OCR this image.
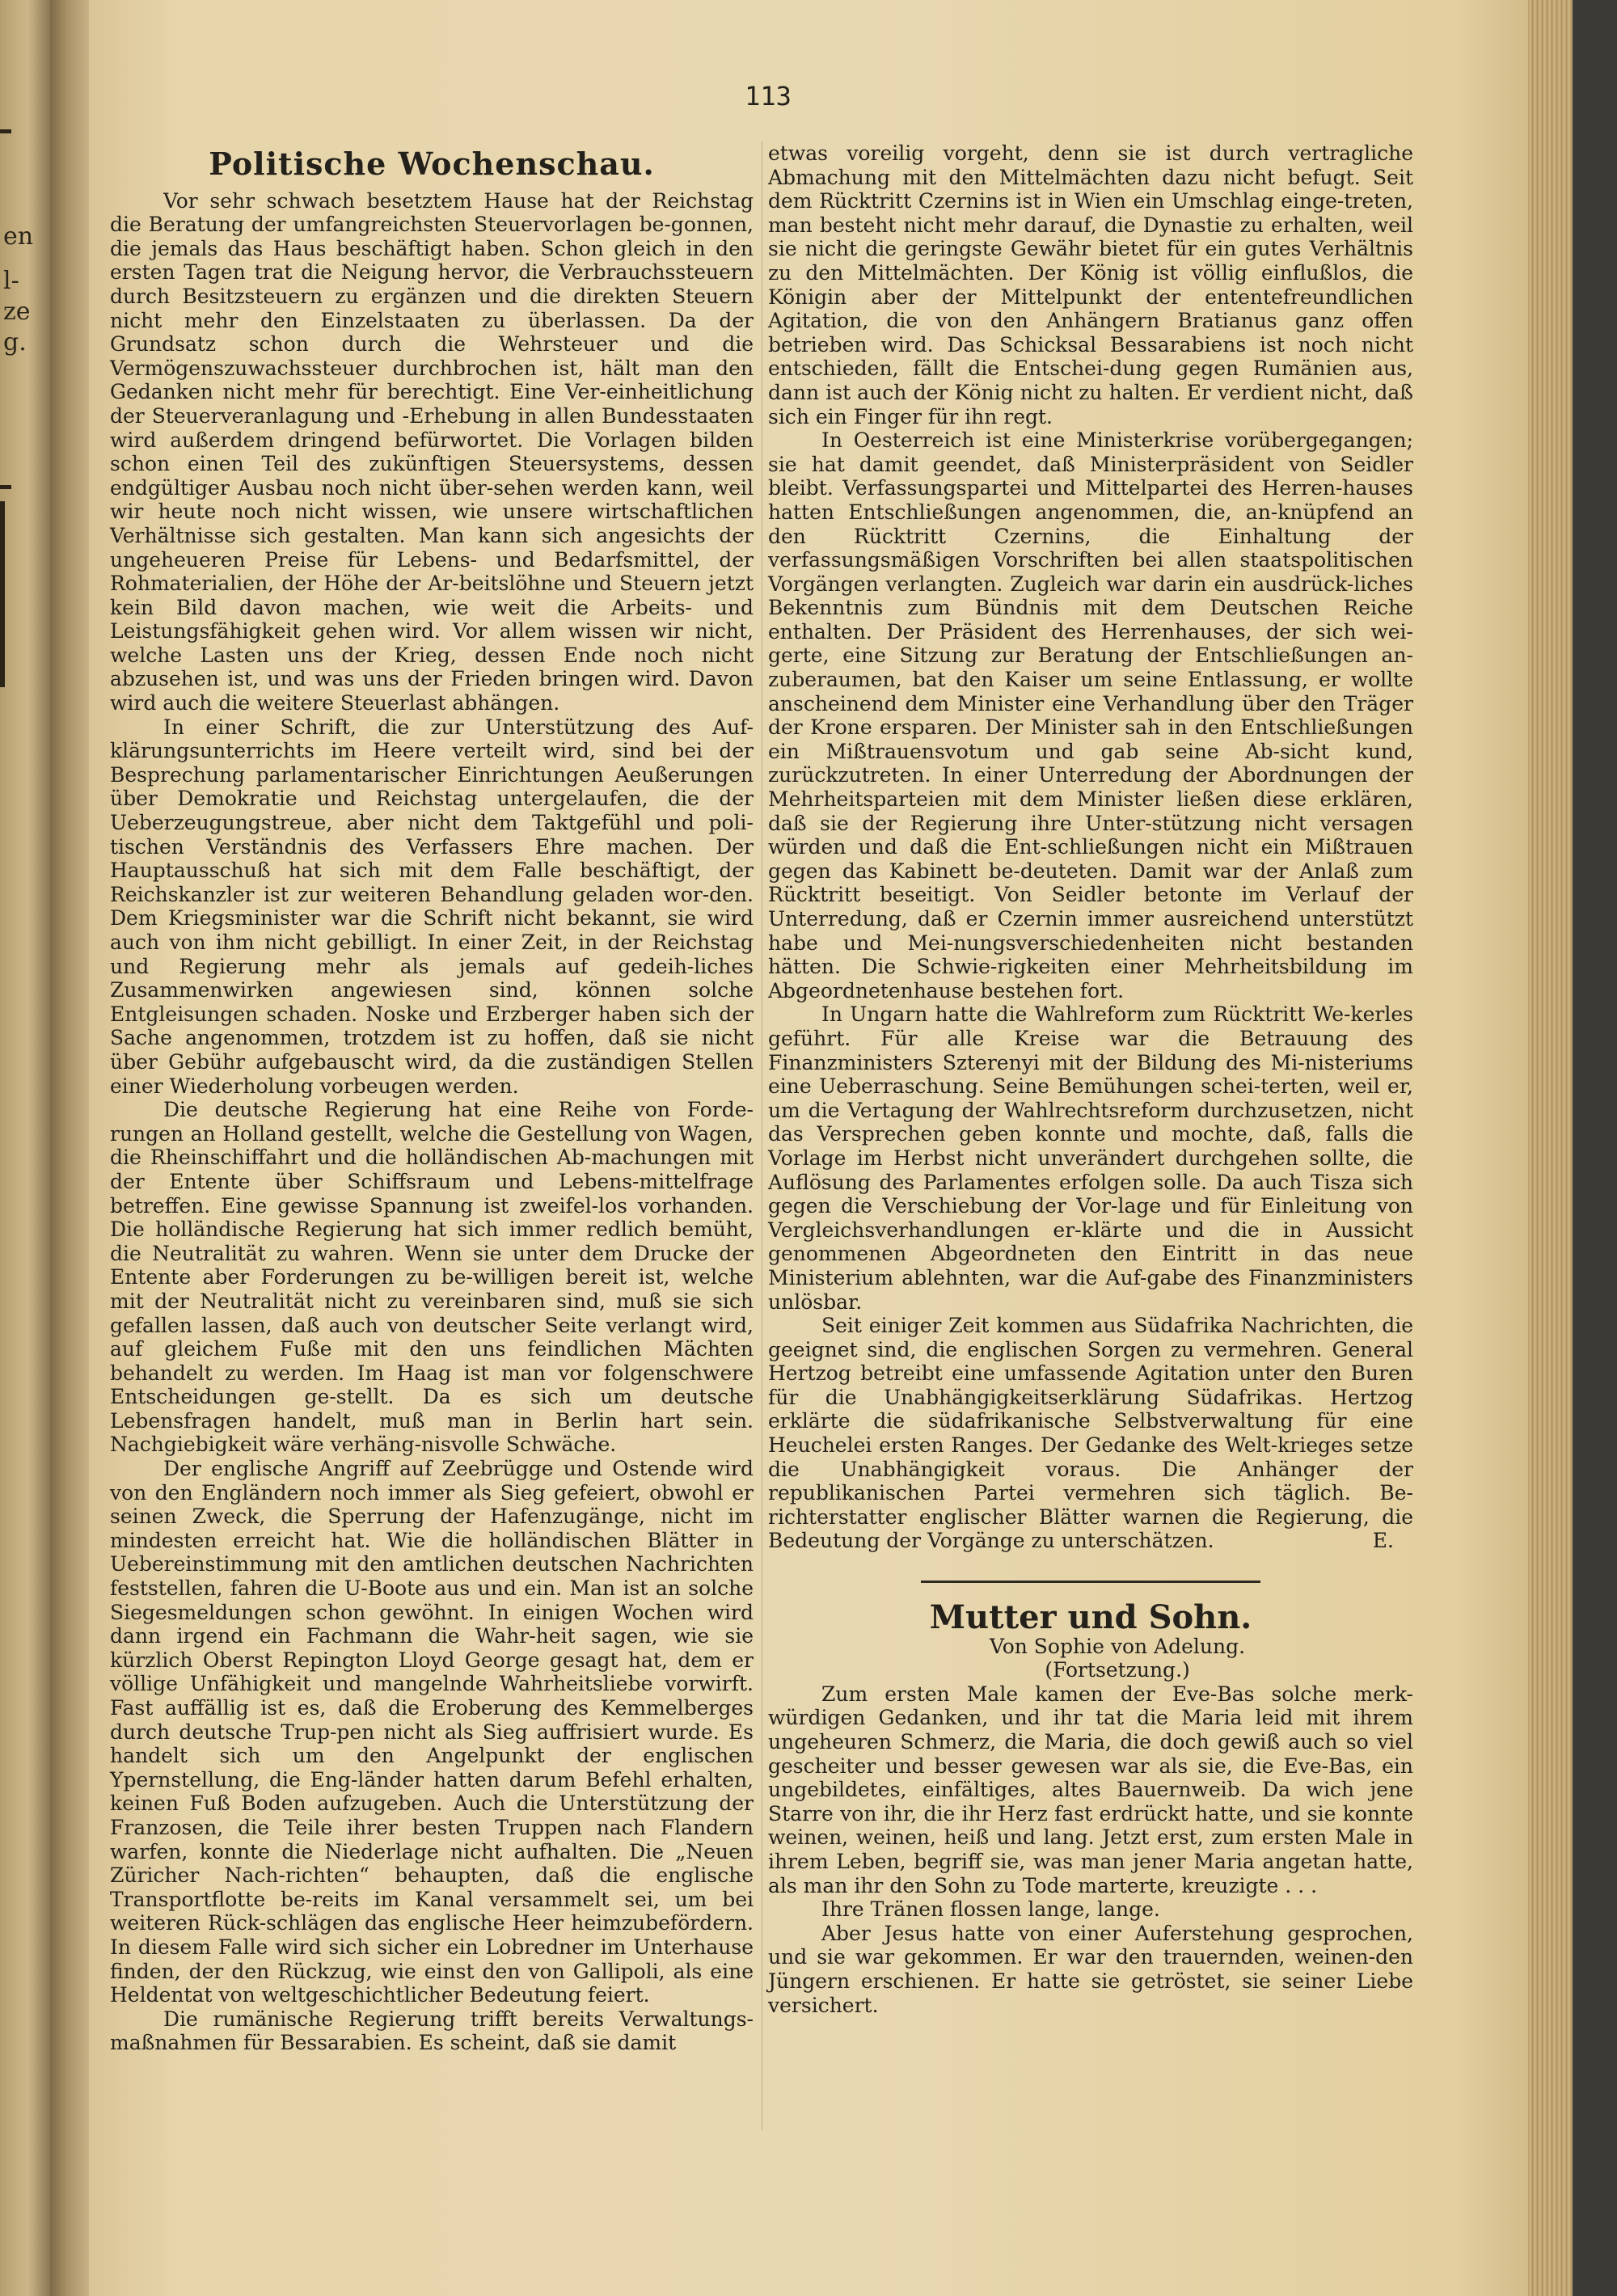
en
l-
ze
g.
113
Politische Wochenschau.

Vor sehr schwach besetztem Hause hat der Reichstag die Beratung der umfangreichsten Steuervorlagen be-gonnen, die jemals das Haus beschäftigt haben. Schon gleich in den ersten Tagen trat die Neigung hervor, die Verbrauchssteuern durch Besitzsteuern zu ergänzen und die direkten Steuern nicht mehr den Einzelstaaten zu überlassen. Da der Grundsatz schon durch die Wehrsteuer und die Vermögenszuwachssteuer durchbrochen ist, hält man den Gedanken nicht mehr für berechtigt. Eine Ver-einheitlichung der Steuerveranlagung und -Erhebung in allen Bundesstaaten wird außerdem dringend befürwortet. Die Vorlagen bilden schon einen Teil des zukünftigen Steuersystems, dessen endgültiger Ausbau noch nicht über-sehen werden kann, weil wir heute noch nicht wissen, wie unsere wirtschaftlichen Verhältnisse sich gestalten. Man kann sich angesichts der ungeheueren Preise für Lebens- und Bedarfsmittel, der Rohmaterialien, der Höhe der Ar-beitslöhne und Steuern jetzt kein Bild davon machen, wie weit die Arbeits- und Leistungsfähigkeit gehen wird. Vor allem wissen wir nicht, welche Lasten uns der Krieg, dessen Ende noch nicht abzusehen ist, und was uns der Frieden bringen wird. Davon wird auch die weitere Steuerlast abhängen.

In einer Schrift, die zur Unterstützung des Auf-klärungsunterrichts im Heere verteilt wird, sind bei der Besprechung parlamentarischer Einrichtungen Aeußerungen über Demokratie und Reichstag untergelaufen, die der Ueberzeugungstreue, aber nicht dem Taktgefühl und poli-tischen Verständnis des Verfassers Ehre machen. Der Hauptausschuß hat sich mit dem Falle beschäftigt, der Reichskanzler ist zur weiteren Behandlung geladen wor-den. Dem Kriegsminister war die Schrift nicht bekannt, sie wird auch von ihm nicht gebilligt. In einer Zeit, in der Reichstag und Regierung mehr als jemals auf gedeih-liches Zusammenwirken angewiesen sind, können solche Entgleisungen schaden. Noske und Erzberger haben sich der Sache angenommen, trotzdem ist zu hoffen, daß sie nicht über Gebühr aufgebauscht wird, da die zuständigen Stellen einer Wiederholung vorbeugen werden.

Die deutsche Regierung hat eine Reihe von Forde-rungen an Holland gestellt, welche die Gestellung von Wagen, die Rheinschiffahrt und die holländischen Ab-machungen mit der Entente über Schiffsraum und Lebens-mittelfrage betreffen. Eine gewisse Spannung ist zweifel-los vorhanden. Die holländische Regierung hat sich immer redlich bemüht, die Neutralität zu wahren. Wenn sie unter dem Drucke der Entente aber Forderungen zu be-willigen bereit ist, welche mit der Neutralität nicht zu vereinbaren sind, muß sie sich gefallen lassen, daß auch von deutscher Seite verlangt wird, auf gleichem Fuße mit den uns feindlichen Mächten behandelt zu werden. Im Haag ist man vor folgenschwere Entscheidungen ge-stellt. Da es sich um deutsche Lebensfragen handelt, muß man in Berlin hart sein. Nachgiebigkeit wäre verhäng-nisvolle Schwäche.

Der englische Angriff auf Zeebrügge und Ostende wird von den Engländern noch immer als Sieg gefeiert, obwohl er seinen Zweck, die Sperrung der Hafenzugänge, nicht im mindesten erreicht hat. Wie die holländischen Blätter in Uebereinstimmung mit den amtlichen deutschen Nachrichten feststellen, fahren die U-Boote aus und ein. Man ist an solche Siegesmeldungen schon gewöhnt. In einigen Wochen wird dann irgend ein Fachmann die Wahr-heit sagen, wie sie kürzlich Oberst Repington Lloyd George gesagt hat, dem er völlige Unfähigkeit und mangelnde Wahrheitsliebe vorwirft. Fast auffällig ist es, daß die Eroberung des Kemmelberges durch deutsche Trup-pen nicht als Sieg auffrisiert wurde. Es handelt sich um den Angelpunkt der englischen Ypernstellung, die Eng-länder hatten darum Befehl erhalten, keinen Fuß Boden aufzugeben. Auch die Unterstützung der Franzosen, die Teile ihrer besten Truppen nach Flandern warfen, konnte die Niederlage nicht aufhalten. Die „Neuen Züricher Nach-richten“ behaupten, daß die englische Transportflotte be-reits im Kanal versammelt sei, um bei weiteren Rück-schlägen das englische Heer heimzubefördern. In diesem Falle wird sich sicher ein Lobredner im Unterhause finden, der den Rückzug, wie einst den von Gallipoli, als eine Heldentat von weltgeschichtlicher Bedeutung feiert.

Die rumänische Regierung trifft bereits Verwaltungs-maßnahmen für Bessarabien. Es scheint, daß sie damit

etwas voreilig vorgeht, denn sie ist durch vertragliche Abmachung mit den Mittelmächten dazu nicht befugt. Seit dem Rücktritt Czernins ist in Wien ein Umschlag einge-treten, man besteht nicht mehr darauf, die Dynastie zu erhalten, weil sie nicht die geringste Gewähr bietet für ein gutes Verhältnis zu den Mittelmächten. Der König ist völlig einflußlos, die Königin aber der Mittelpunkt der ententefreundlichen Agitation, die von den Anhängern Bratianus ganz offen betrieben wird. Das Schicksal Bessarabiens ist noch nicht entschieden, fällt die Entschei-dung gegen Rumänien aus, dann ist auch der König nicht zu halten. Er verdient nicht, daß sich ein Finger für ihn regt.

In Oesterreich ist eine Ministerkrise vorübergegangen; sie hat damit geendet, daß Ministerpräsident von Seidler bleibt. Verfassungspartei und Mittelpartei des Herren-hauses hatten Entschließungen angenommen, die, an-knüpfend an den Rücktritt Czernins, die Einhaltung der verfassungsmäßigen Vorschriften bei allen staatspolitischen Vorgängen verlangten. Zugleich war darin ein ausdrück-liches Bekenntnis zum Bündnis mit dem Deutschen Reiche enthalten. Der Präsident des Herrenhauses, der sich wei-gerte, eine Sitzung zur Beratung der Entschließungen an-zuberaumen, bat den Kaiser um seine Entlassung, er wollte anscheinend dem Minister eine Verhandlung über den Träger der Krone ersparen. Der Minister sah in den Entschließungen ein Mißtrauensvotum und gab seine Ab-sicht kund, zurückzutreten. In einer Unterredung der Abordnungen der Mehrheitsparteien mit dem Minister ließen diese erklären, daß sie der Regierung ihre Unter-stützung nicht versagen würden und daß die Ent-schließungen nicht ein Mißtrauen gegen das Kabinett be-deuteten. Damit war der Anlaß zum Rücktritt beseitigt. Von Seidler betonte im Verlauf der Unterredung, daß er Czernin immer ausreichend unterstützt habe und Mei-nungsverschiedenheiten nicht bestanden hätten. Die Schwie-rigkeiten einer Mehrheitsbildung im Abgeordnetenhause bestehen fort.

In Ungarn hatte die Wahlreform zum Rücktritt We-kerles geführt. Für alle Kreise war die Betrauung des Finanzministers Szterenyi mit der Bildung des Mi-nisteriums eine Ueberraschung. Seine Bemühungen schei-terten, weil er, um die Vertagung der Wahlrechtsreform durchzusetzen, nicht das Versprechen geben konnte und mochte, daß, falls die Vorlage im Herbst nicht unverändert durchgehen sollte, die Auflösung des Parlamentes erfolgen solle. Da auch Tisza sich gegen die Verschiebung der Vor-lage und für Einleitung von Vergleichsverhandlungen er-klärte und die in Aussicht genommenen Abgeordneten den Eintritt in das neue Ministerium ablehnten, war die Auf-gabe des Finanzministers unlösbar.

Seit einiger Zeit kommen aus Südafrika Nachrichten, die geeignet sind, die englischen Sorgen zu vermehren. General Hertzog betreibt eine umfassende Agitation unter den Buren für die Unabhängigkeitserklärung Südafrikas. Hertzog erklärte die südafrikanische Selbstverwaltung für eine Heuchelei ersten Ranges. Der Gedanke des Welt-krieges setze die Unabhängigkeit voraus. Die Anhänger der republikanischen Partei vermehren sich täglich. Be-richterstatter englischer Blätter warnen die Regierung, die Bedeutung der Vorgänge zu unterschätzen.	E.

Mutter und Sohn.

Von Sophie von Adelung.

(Fortsetzung.)

Zum ersten Male kamen der Eve-Bas solche merk-würdigen Gedanken, und ihr tat die Maria leid mit ihrem ungeheuren Schmerz, die Maria, die doch gewiß auch so viel gescheiter und besser gewesen war als sie, die Eve-Bas, ein ungebildetes, einfältiges, altes Bauernweib. Da wich jene Starre von ihr, die ihr Herz fast erdrückt hatte, und sie konnte weinen, weinen, heiß und lang. Jetzt erst, zum ersten Male in ihrem Leben, begriff sie, was man jener Maria angetan hatte, als man ihr den Sohn zu Tode marterte, kreuzigte . . .

Ihre Tränen flossen lange, lange.

Aber Jesus hatte von einer Auferstehung gesprochen, und sie war gekommen. Er war den trauernden, weinen-den Jüngern erschienen. Er hatte sie getröstet, sie seiner Liebe versichert.
